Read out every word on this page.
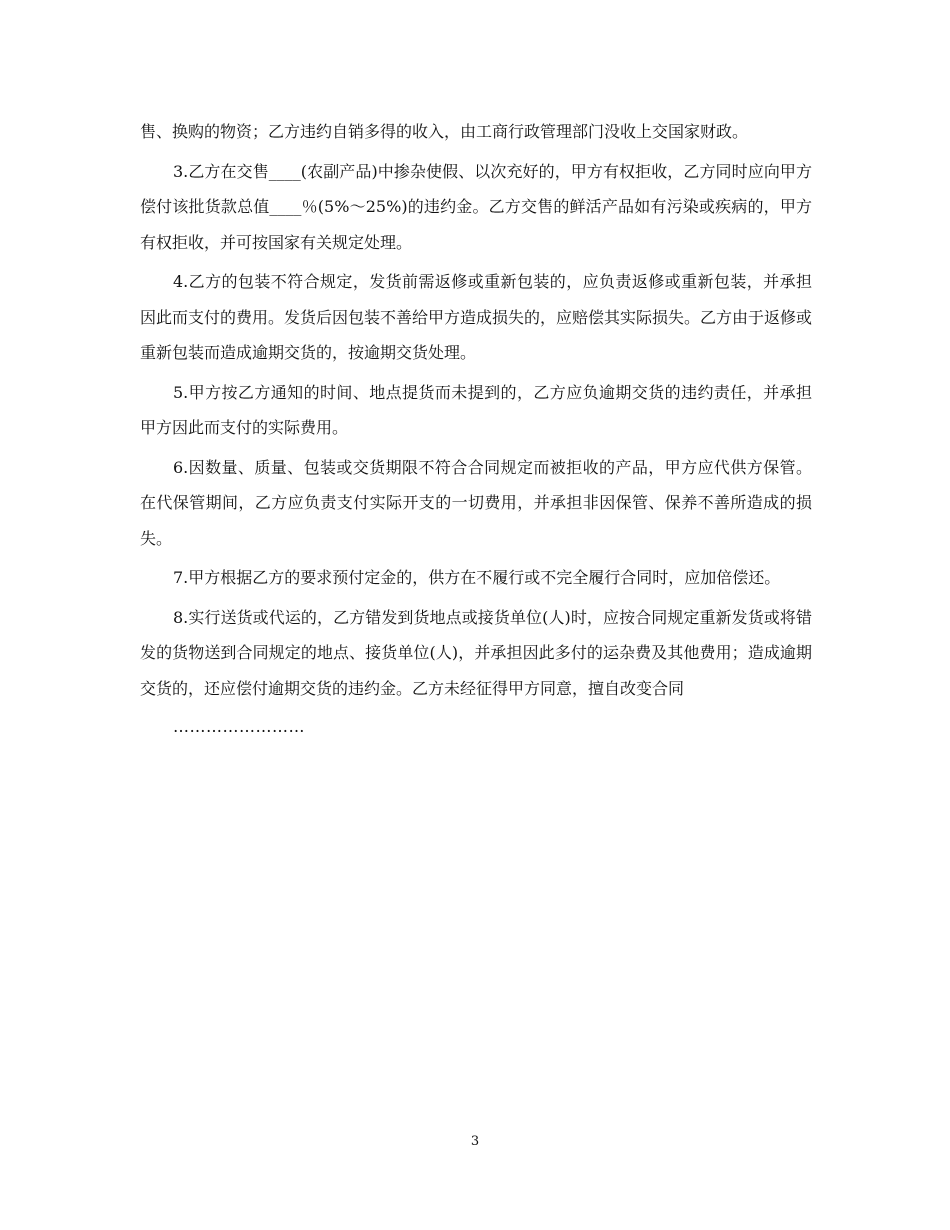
售、换购的物资；乙方违约自销多得的收入，由工商行政管理部门没收上交国家财政。

3.乙方在交售____(农副产品)中掺杂使假、以次充好的，甲方有权拒收，乙方同时应向甲方偿付该批货款总值____％(5%～25%)的违约金。乙方交售的鲜活产品如有污染或疾病的，甲方有权拒收，并可按国家有关规定处理。

4.乙方的包装不符合规定，发货前需返修或重新包装的，应负责返修或重新包装，并承担因此而支付的费用。发货后因包装不善给甲方造成损失的，应赔偿其实际损失。乙方由于返修或重新包装而造成逾期交货的，按逾期交货处理。

5.甲方按乙方通知的时间、地点提货而未提到的，乙方应负逾期交货的违约责任，并承担甲方因此而支付的实际费用。

6.因数量、质量、包装或交货期限不符合合同规定而被拒收的产品，甲方应代供方保管。在代保管期间，乙方应负责支付实际开支的一切费用，并承担非因保管、保养不善所造成的损失。

7.甲方根据乙方的要求预付定金的，供方在不履行或不完全履行合同时，应加倍偿还。

8.实行送货或代运的，乙方错发到货地点或接货单位(人)时，应按合同规定重新发货或将错发的货物送到合同规定的地点、接货单位(人)，并承担因此多付的运杂费及其他费用；造成逾期交货的，还应偿付逾期交货的违约金。乙方未经征得甲方同意，擅自改变合同

……………………

3
